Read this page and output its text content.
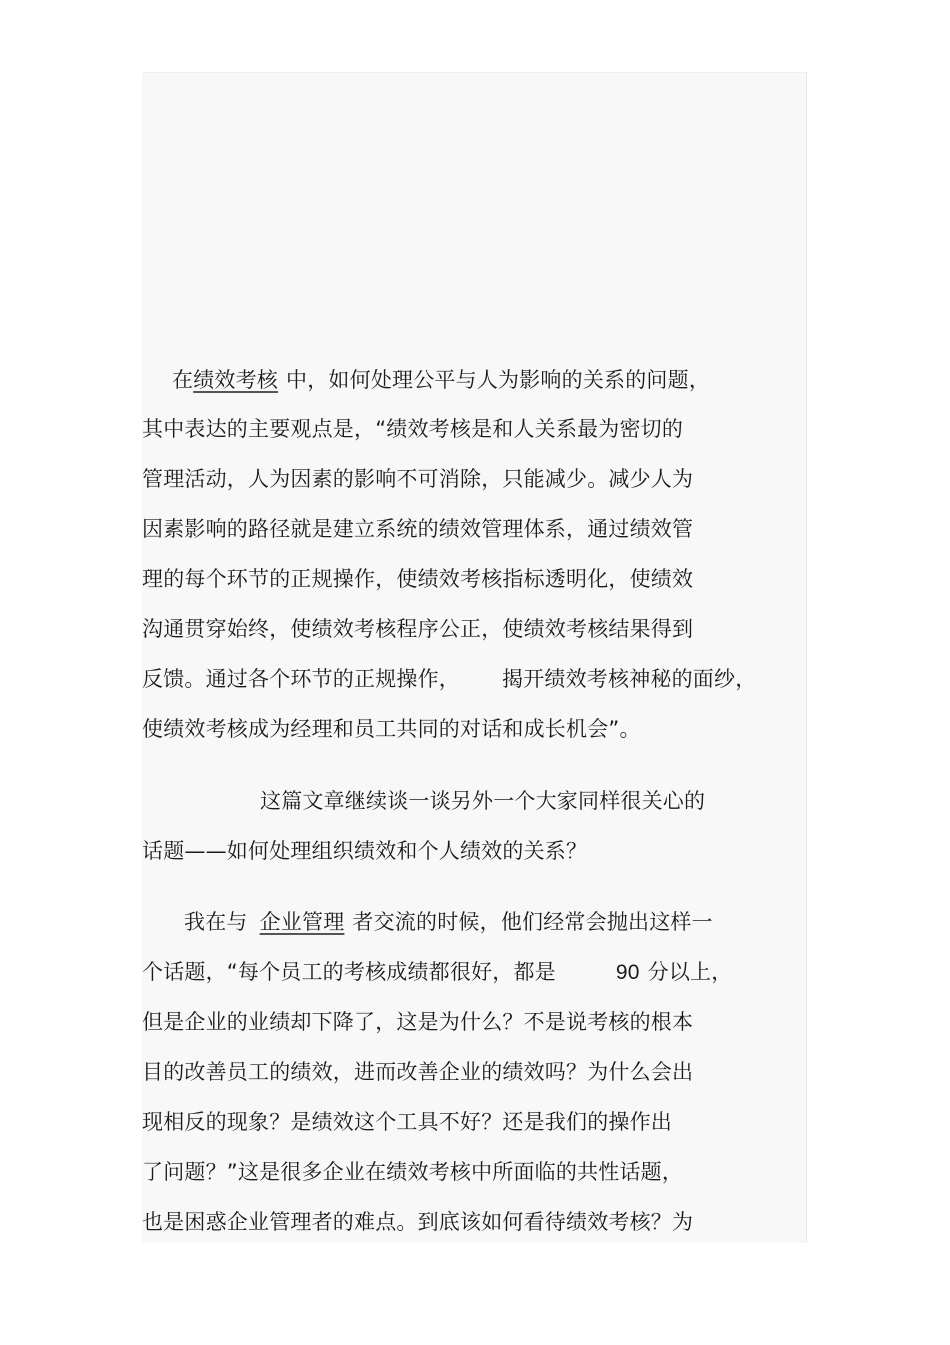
在绩效考核 中，如何处理公平与人为影响的关系的问题，
其中表达的主要观点是，“绩效考核是和人关系最为密切的
管理活动，人为因素的影响不可消除，只能减少。减少人为
因素影响的路径就是建立系统的绩效管理体系，通过绩效管
理的每个环节的正规操作，使绩效考核指标透明化，使绩效
沟通贯穿始终，使绩效考核程序公正，使绩效考核结果得到
反馈。通过各个环节的正规操作， 揭开绩效考核神秘的面纱，
使绩效考核成为经理和员工共同的对话和成长机会”。
这篇文章继续谈一谈另外一个大家同样很关心的
话题——如何处理组织绩效和个人绩效的关系？
我在与 企业管理 者交流的时候，他们经常会抛出这样一
个话题，“每个员工的考核成绩都很好，都是	90 分以上，
但是企业的业绩却下降了，这是为什么？不是说考核的根本
目的改善员工的绩效，进而改善企业的绩效吗？为什么会出
现相反的现象？是绩效这个工具不好？还是我们的操作出
了问题？”这是很多企业在绩效考核中所面临的共性话题，
也是困惑企业管理者的难点。到底该如何看待绩效考核？为
